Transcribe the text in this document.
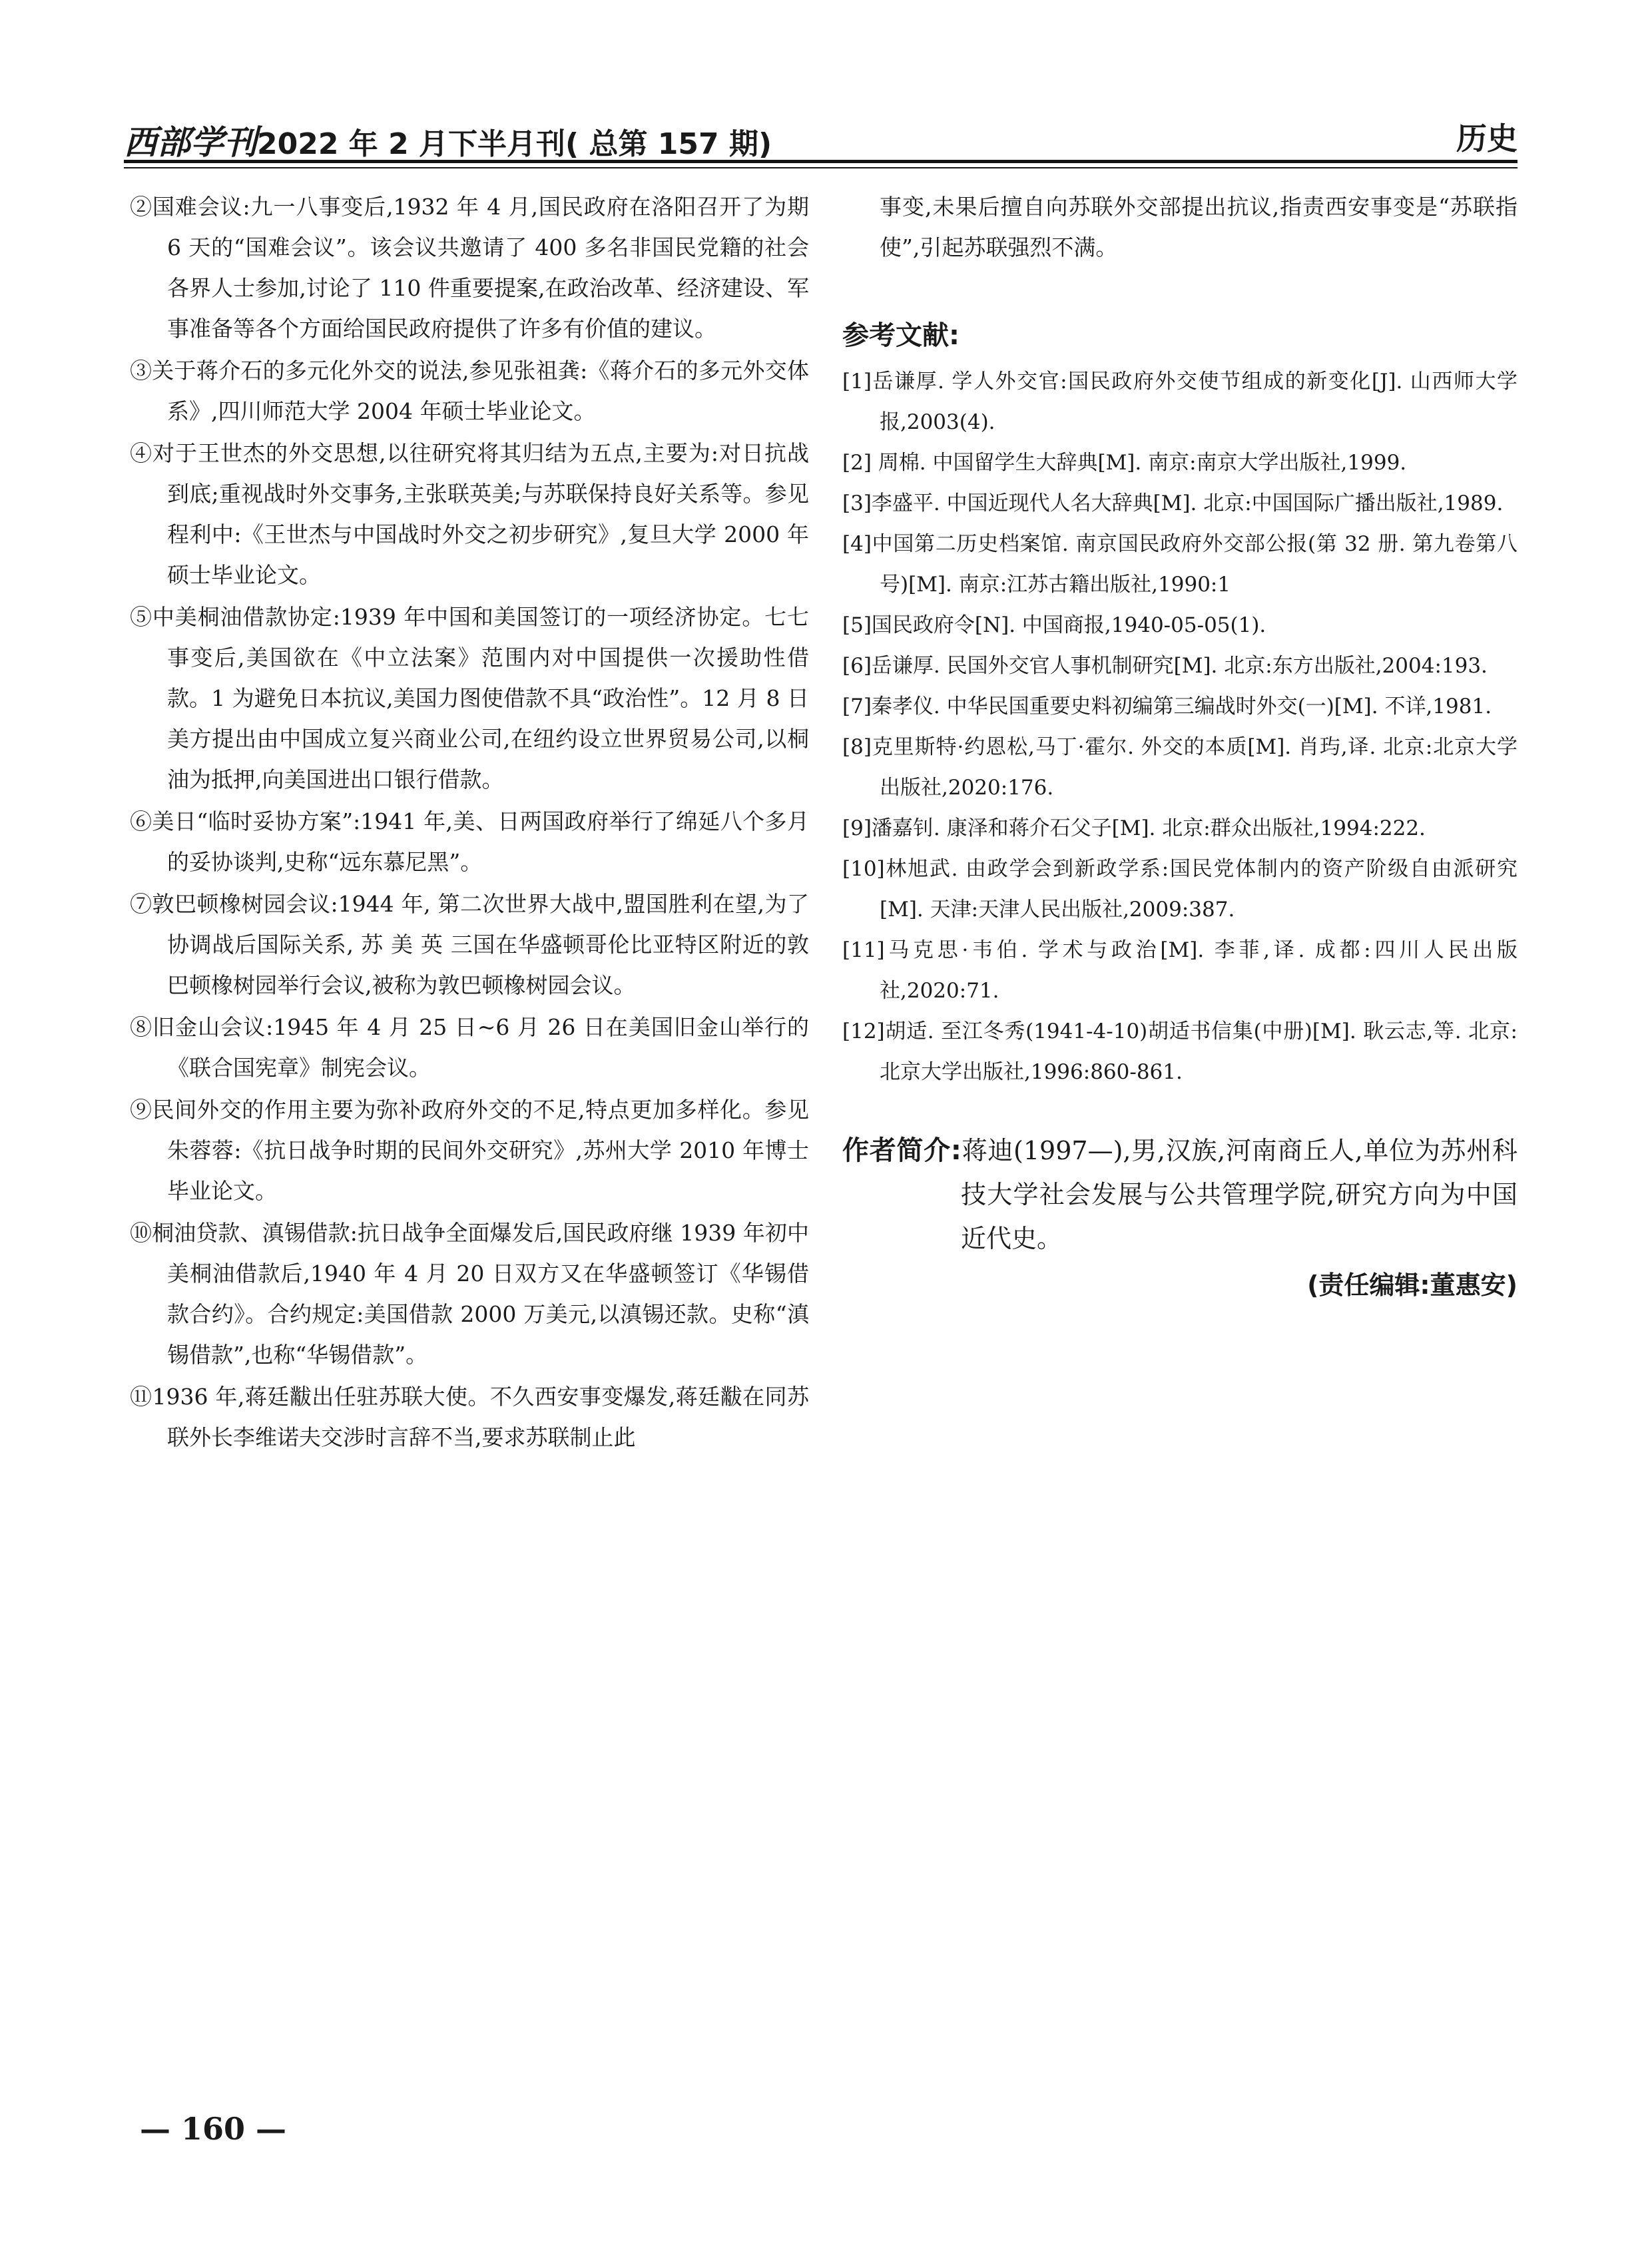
西部学刊2022 年 2 月下半月刊( 总第 157 期)	历史

②国难会议:九一八事变后,1932 年 4 月,国民政府在洛阳召开了为期 6 天的“国难会议”。该会议共邀请了 400 多名非国民党籍的社会各界人士参加,讨论了 110 件重要提案,在政治改革、经济建设、军事准备等各个方面给国民政府提供了许多有价值的建议。

③关于蒋介石的多元化外交的说法,参见张祖龚:《蒋介石的多元外交体系》,四川师范大学 2004 年硕士毕业论文。

④对于王世杰的外交思想,以往研究将其归结为五点,主要为:对日抗战到底;重视战时外交事务,主张联英美;与苏联保持良好关系等。参见程利中:《王世杰与中国战时外交之初步研究》,复旦大学 2000 年硕士毕业论文。

⑤中美桐油借款协定:1939 年中国和美国签订的一项经济协定。七七事变后,美国欲在《中立法案》范围内对中国提供一次援助性借款。1 为避免日本抗议,美国力图使借款不具“政治性”。12 月 8 日美方提出由中国成立复兴商业公司,在纽约设立世界贸易公司,以桐油为抵押,向美国进出口银行借款。

⑥美日“临时妥协方案”:1941 年,美、日两国政府举行了绵延八个多月的妥协谈判,史称“远东慕尼黑”。

⑦敦巴顿橡树园会议:1944 年, 第二次世界大战中,盟国胜利在望,为了协调战后国际关系, 苏 美 英 三国在华盛顿哥伦比亚特区附近的敦巴顿橡树园举行会议,被称为敦巴顿橡树园会议。

⑧旧金山会议:1945 年 4 月 25 日~6 月 26 日在美国旧金山举行的《联合国宪章》制宪会议。

⑨民间外交的作用主要为弥补政府外交的不足,特点更加多样化。参见朱蓉蓉:《抗日战争时期的民间外交研究》,苏州大学 2010 年博士毕业论文。

⑩桐油贷款、滇锡借款:抗日战争全面爆发后,国民政府继 1939 年初中美桐油借款后,1940 年 4 月 20 日双方又在华盛顿签订《华锡借款合约》。合约规定:美国借款 2000 万美元,以滇锡还款。史称“滇锡借款”,也称“华锡借款”。

⑪1936 年,蒋廷黻出任驻苏联大使。不久西安事变爆发,蒋廷黻在同苏联外长李维诺夫交涉时言辞不当,要求苏联制止此

事变,未果后擅自向苏联外交部提出抗议,指责西安事变是“苏联指使”,引起苏联强烈不满。

参考文献:

[1]岳谦厚. 学人外交官:国民政府外交使节组成的新变化[J]. 山西师大学报,2003(4).

[2] 周棉. 中国留学生大辞典[M]. 南京:南京大学出版社,1999.

[3]李盛平. 中国近现代人名大辞典[M]. 北京:中国国际广播出版社,1989.

[4]中国第二历史档案馆. 南京国民政府外交部公报(第 32 册. 第九卷第八号)[M]. 南京:江苏古籍出版社,1990:1

[5]国民政府令[N]. 中国商报,1940-05-05(1).

[6]岳谦厚. 民国外交官人事机制研究[M]. 北京:东方出版社,2004:193.

[7]秦孝仪. 中华民国重要史料初编第三编战时外交(一)[M]. 不详,1981.

[8]克里斯特·约恩松,马丁·霍尔. 外交的本质[M]. 肖玙,译. 北京:北京大学出版社,2020:176.

[9]潘嘉钊. 康泽和蒋介石父子[M]. 北京:群众出版社,1994:222.

[10]林旭武. 由政学会到新政学系:国民党体制内的资产阶级自由派研究[M]. 天津:天津人民出版社,2009:387.

[11]马克思·韦伯. 学术与政治[M]. 李菲,译. 成都:四川人民出版社,2020:71.

[12]胡适. 至江冬秀(1941-4-10)胡适书信集(中册)[M]. 耿云志,等. 北京:北京大学出版社,1996:860-861.

作者简介:蒋迪(1997—),男,汉族,河南商丘人,单位为苏州科技大学社会发展与公共管理学院,研究方向为中国近代史。
(责任编辑:董惠安)
— 160 —
